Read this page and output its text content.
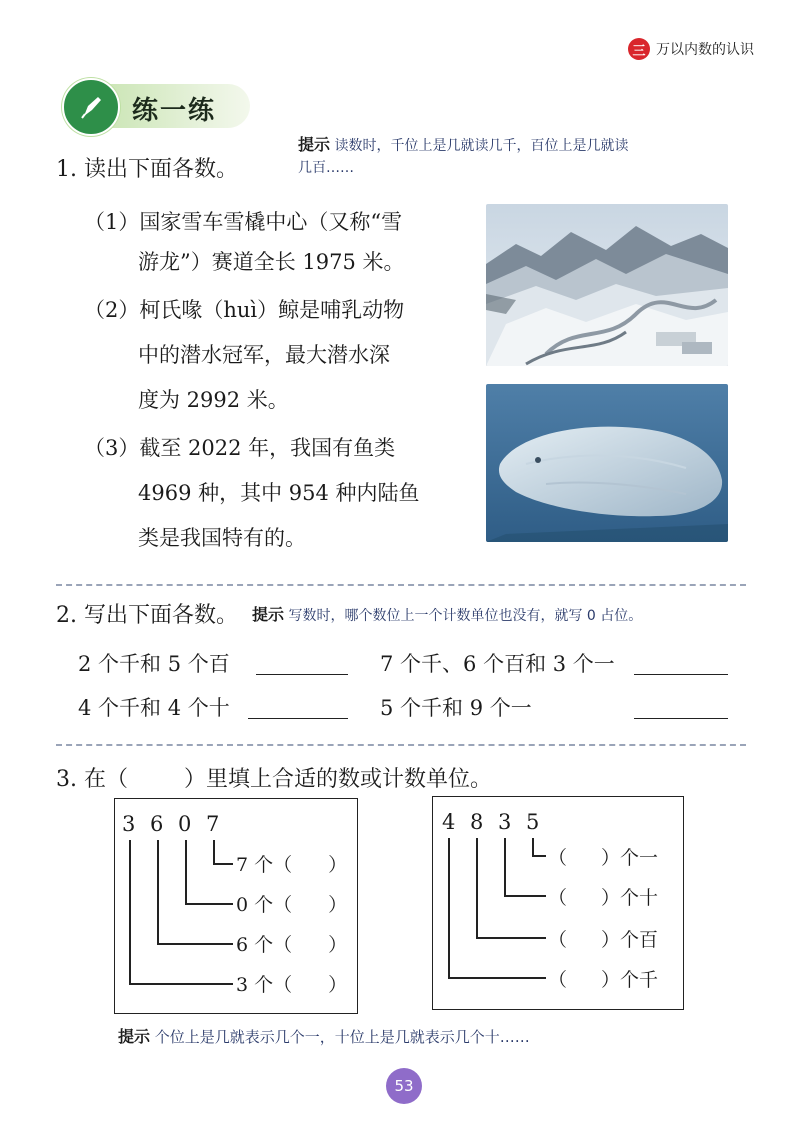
三 万以内数的认识
练一练
1. 读出下面各数。
提示 读数时，千位上是几就读几千，百位上是几就读
几百……
（1）国家雪车雪橇中心（又称“雪
游龙”）赛道全长 1975 米。
（2）柯氏喙（huì）鲸是哺乳动物
中的潜水冠军，最大潜水深
度为 2992 米。
（3）截至 2022 年，我国有鱼类
4969 种，其中 954 种内陆鱼
类是我国特有的。
2. 写出下面各数。 提示 写数时，哪个数位上一个计数单位也没有，就写 0 占位。
2 个千和 5 个百	7 个千、6 个百和 3 个一
4 个千和 4 个十	5 个千和 9 个一
3. 在（	）里填上合适的数或计数单位。
3 6 0 7
7 个（ ）
0 个（ ）
6 个（ ）
3 个（ ）
4 8 3 5
（ ）个一
（ ）个十
（ ）个百
（ ）个千
提示 个位上是几就表示几个一，十位上是几就表示几个十……
53
